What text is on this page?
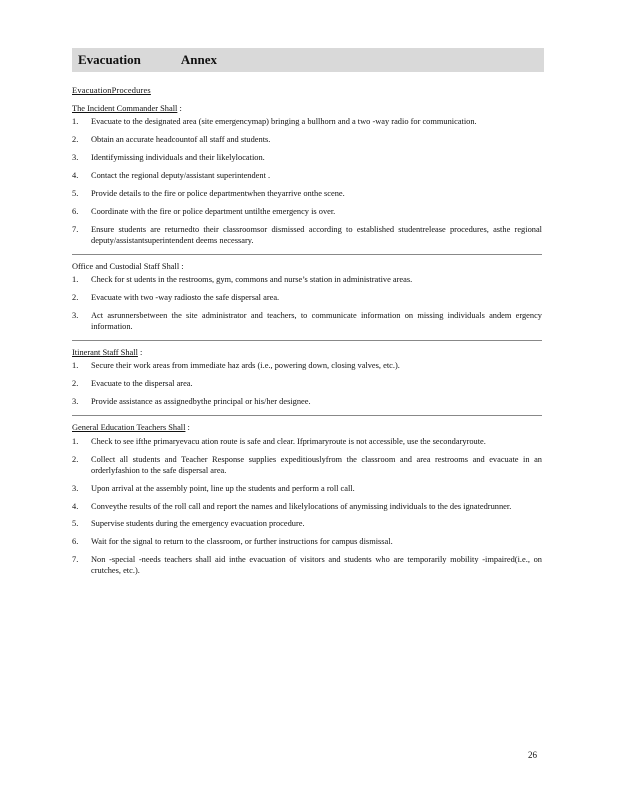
Evacuation	Annex
EvacuationProcedures
The Incident Commander Shall :
1.	Evacuate to the designated area (site emergencymap) bringing a bullhorn and a two -way radio for communication.
2.	Obtain an accurate headcountof all staff and students.
3.	Identifymissing individuals and their likelylocation.
4.	Contact the regional deputy/assistant superintendent .
5.	Provide details to the fire or police departmentwhen theyarrive onthe scene.
6.	Coordinate with the fire or police department untilthe emergency is over.
7.	Ensure students are returnedto their classroomsor dismissed according to established studentrelease procedures, asthe regional deputy/assistantsuperintendent deems necessary.
Office and Custodial Staff Shall :
1.	Check for st udents in the restrooms, gym, commons and nurse’s station in administrative areas.
2.	Evacuate with two -way radiosto the safe dispersal area.
3.	Act asrunnersbetween the site administrator and teachers, to communicate information on missing individuals andem ergency information.
Itinerant Staff Shall :
1.	Secure their work areas from immediate haz ards (i.e., powering down, closing valves, etc.).
2.	Evacuate to the dispersal area.
3.	Provide assistance as assignedbythe principal or his/her designee.
General Education Teachers Shall :
1.	Check to see ifthe primaryevacu ation route is safe and clear. Ifprimaryroute is not accessible, use the secondaryroute.
2.	Collect all students and Teacher Response supplies expeditiouslyfrom the classroom and area restrooms and evacuate in an orderlyfashion to the safe dispersal area.
3.	Upon arrival at the assembly point, line up the students and perform a roll call.
4.	Conveythe results of the roll call and report the names and likelylocations of anymissing individuals to the des ignatedrunner.
5.	Supervise students during the emergency evacuation procedure.
6.	Wait for the signal to return to the classroom, or further instructions for campus dismissal.
7.	Non -special -needs teachers shall aid inthe evacuation of visitors and students who are temporarily mobility -impaired(i.e., on crutches, etc.).
26
